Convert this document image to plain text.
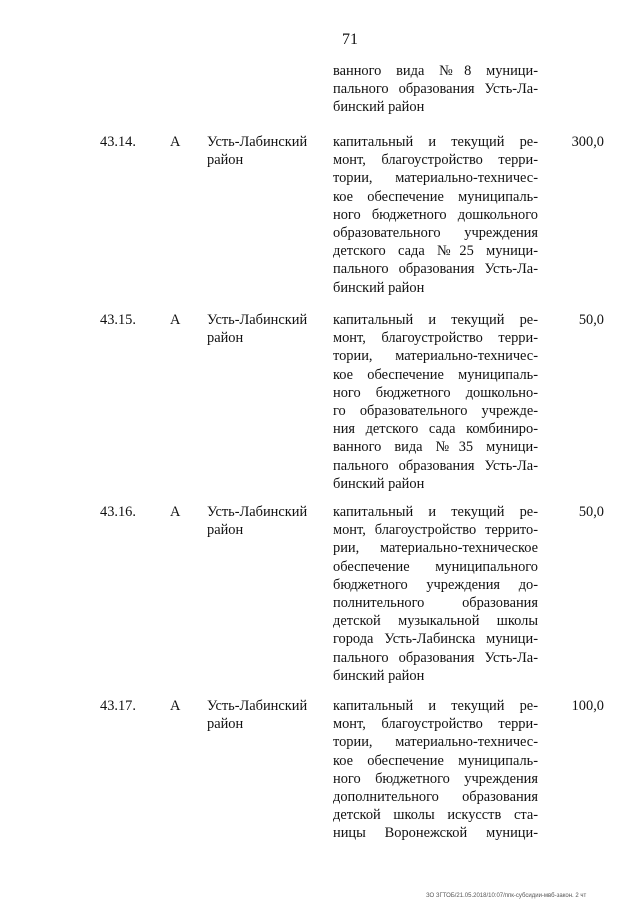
71
ванного вида №8 муници-
пального образования Усть-Ла-
бинский район
43.14. А Усть-Лабинский
район
капитальный и текущий ре-
монт, благоустройство терри-
тории, материально-техничес-
кое обеспечение муниципаль-
ного бюджетного дошкольного
образовательного учреждения
детского сада №25 муници-
пального образования Усть-Ла-
бинский район
300,0
43.15. А Усть-Лабинский
район
капитальный и текущий ре-
монт, благоустройство терри-
тории, материально-техничес-
кое обеспечение муниципаль-
ного бюджетного дошкольно-
го образовательного учрежде-
ния детского сада комбиниро-
ванного вида №35 муници-
пального образования Усть-Ла-
бинский район
50,0
43.16. А Усть-Лабинский
район
капитальный и текущий ре-
монт, благоустройство террито-
рии, материально-техническое
обеспечение муниципального
бюджетного учреждения до-
полнительного образования
детской музыкальной школы
города Усть-Лабинска муници-
пального образования Усть-Ла-
бинский район
50,0
43.17. А Усть-Лабинский
район
капитальный и текущий ре-
монт, благоустройство терри-
тории, материально-техничес-
кое обеспечение муниципаль-
ного бюджетного учреждения
дополнительного образования
детской школы искусств ста-
ницы Воронежской муници-
100,0
ЗО ЗГТОБ/21.05.2018/10:07/ппк-субсидии-мвб-закон. 2 чт
